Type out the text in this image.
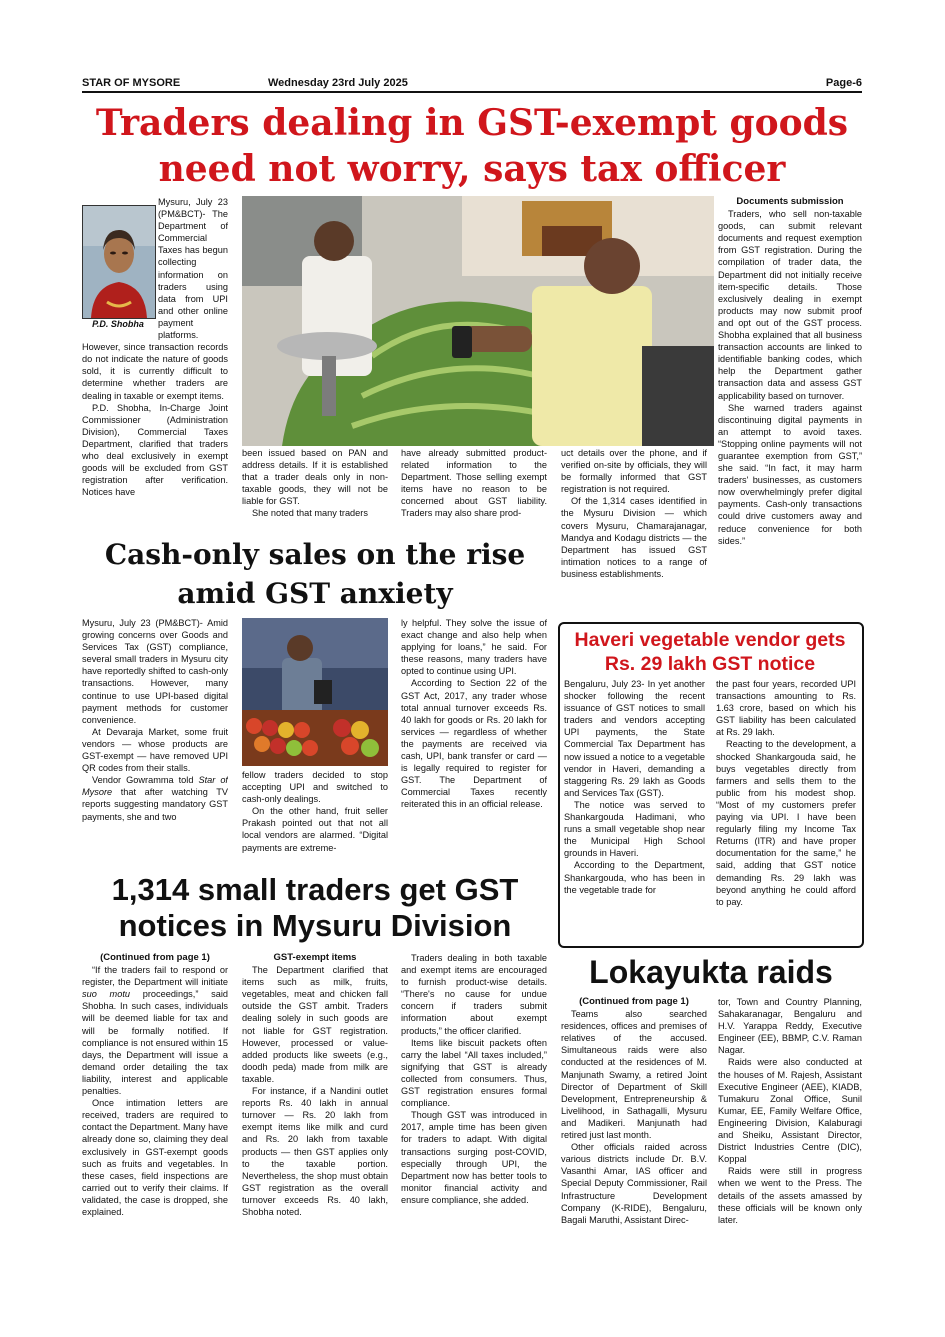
STAR OF MYSORE	Wednesday 23rd July 2025	Page-6
Traders dealing in GST-exempt goods
need not worry, says tax officer
P.D. Shobha

Mysuru, July 23 (PM&BCT)- The Department of Commercial Taxes has begun collecting information on traders using data from UPI and other online payment platforms. However, since transaction records do not indicate the nature of goods sold, it is currently difficult to determine whether traders are dealing in taxable or exempt items.

P.D. Shobha, In-Charge Joint Commissioner (Administration Division), Commercial Taxes Department, clarified that traders who deal exclusively in exempt goods will be excluded from GST registration after verification. Notices have

been issued based on PAN and address details. If it is established that a trader deals only in non-taxable goods, they will not be liable for GST.

She noted that many traders

have already submitted product-related information to the Department. Those selling exempt items have no reason to be concerned about GST liability. Traders may also share prod-

uct details over the phone, and if verified on-site by officials, they will be formally informed that GST registration is not required.

Of the 1,314 cases identified in the Mysuru Division — which covers Mysuru, Chamarajanagar, Mandya and Kodagu districts — the Department has issued GST intimation notices to a range of business establishments.

Documents submission

Traders, who sell non-taxable goods, can submit relevant documents and request exemption from GST registration. During the compilation of trader data, the Department did not initially receive item-specific details. Those exclusively dealing in exempt products may now submit proof and opt out of the GST process. Shobha explained that all business transaction accounts are linked to identifiable banking codes, which help the Department gather transaction data and assess GST applicability based on turnover.

She warned traders against discontinuing digital payments in an attempt to avoid taxes. “Stopping online payments will not guarantee exemption from GST,” she said. “In fact, it may harm traders' businesses, as customers now overwhelmingly prefer digital payments. Cash-only transactions could drive customers away and reduce convenience for both sides.”

Cash-only sales on the rise
amid GST anxiety

Mysuru, July 23 (PM&BCT)- Amid growing concerns over Goods and Services Tax (GST) compliance, several small traders in Mysuru city have reportedly shifted to cash-only transactions. However, many continue to use UPI-based digital payment methods for customer convenience.

At Devaraja Market, some fruit vendors — whose products are GST-exempt — have removed UPI QR codes from their stalls.

Vendor Gowramma told Star of Mysore that after watching TV reports suggesting mandatory GST payments, she and two

fellow traders decided to stop accepting UPI and switched to cash-only dealings.

On the other hand, fruit seller Prakash pointed out that not all local vendors are alarmed. “Digital payments are extreme-

ly helpful. They solve the issue of exact change and also help when applying for loans,” he said. For these reasons, many traders have opted to continue using UPI.

According to Section 22 of the GST Act, 2017, any trader whose total annual turnover exceeds Rs. 40 lakh for goods or Rs. 20 lakh for services — regardless of whether the payments are received via cash, UPI, bank transfer or card — is legally required to register for GST. The Department of Commercial Taxes recently reiterated this in an official release.

Haveri vegetable vendor gets
Rs. 29 lakh GST notice

Bengaluru, July 23- In yet another shocker following the recent issuance of GST notices to small traders and vendors accepting UPI payments, the State Commercial Tax Department has now issued a notice to a vegetable vendor in Haveri, demanding a staggering Rs. 29 lakh as Goods and Services Tax (GST).

The notice was served to Shankargouda Hadimani, who runs a small vegetable shop near the Municipal High School grounds in Haveri.

According to the Department, Shankargouda, who has been in the vegetable trade for

the past four years, recorded UPI transactions amounting to Rs. 1.63 crore, based on which his GST liability has been calculated at Rs. 29 lakh.

Reacting to the development, a shocked Shankargouda said, he buys vegetables directly from farmers and sells them to the public from his modest shop. “Most of my customers prefer paying via UPI. I have been regularly filing my Income Tax Returns (ITR) and have proper documentation for the same,” he said, adding that GST notice demanding Rs. 29 lakh was beyond anything he could afford to pay.

1,314 small traders get GST
notices in Mysuru Division

(Continued from page 1)

“If the traders fail to respond or register, the Department will initiate suo motu proceedings,” said Shobha. In such cases, individuals will be deemed liable for tax and will be formally notified. If compliance is not ensured within 15 days, the Department will issue a demand order detailing the tax liability, interest and applicable penalties.

Once intimation letters are received, traders are required to contact the Department. Many have already done so, claiming they deal exclusively in GST-exempt goods such as fruits and vegetables. In these cases, field inspections are carried out to verify their claims. If validated, the case is dropped, she explained.

GST-exempt items

The Department clarified that items such as milk, fruits, vegetables, meat and chicken fall outside the GST ambit. Traders dealing solely in such goods are not liable for GST registration. However, processed or value-added products like sweets (e.g., doodh peda) made from milk are taxable.

For instance, if a Nandini outlet reports Rs. 40 lakh in annual turnover — Rs. 20 lakh from exempt items like milk and curd and Rs. 20 lakh from taxable products — then GST applies only to the taxable portion. Nevertheless, the shop must obtain GST registration as the overall turnover exceeds Rs. 40 lakh, Shobha noted.

Traders dealing in both taxable and exempt items are encouraged to furnish product-wise details. “There's no cause for undue concern if traders submit information about exempt products,” the officer clarified.

Items like biscuit packets often carry the label “All taxes included,” signifying that GST is already collected from consumers. Thus, GST registration ensures formal compliance.

Though GST was introduced in 2017, ample time has been given for traders to adapt. With digital transactions surging post-COVID, especially through UPI, the Department now has better tools to monitor financial activity and ensure compliance, she added.

Lokayukta raids

(Continued from page 1)

Teams also searched residences, offices and premises of relatives of the accused. Simultaneous raids were also conducted at the residences of M. Manjunath Swamy, a retired Joint Director of Department of Skill Development, Entrepreneurship & Livelihood, in Sathagalli, Mysuru and Madikeri. Manjunath had retired just last month.

Other officials raided across various districts include Dr. B.V. Vasanthi Amar, IAS officer and Special Deputy Commissioner, Rail Infrastructure Development Company (K-RIDE), Bengaluru, Bagali Maruthi, Assistant Direc-

tor, Town and Country Planning, Sahakaranagar, Bengaluru and H.V. Yarappa Reddy, Executive Engineer (EE), BBMP, C.V. Raman Nagar.

Raids were also conducted at the houses of M. Rajesh, Assistant Executive Engineer (AEE), KIADB, Tumakuru Zonal Office, Sunil Kumar, EE, Family Welfare Office, Engineering Division, Kalaburagi and Sheiku, Assistant Director, District Industries Centre (DIC), Koppal

Raids were still in progress when we went to the Press. The details of the assets amassed by these officials will be known only later.
